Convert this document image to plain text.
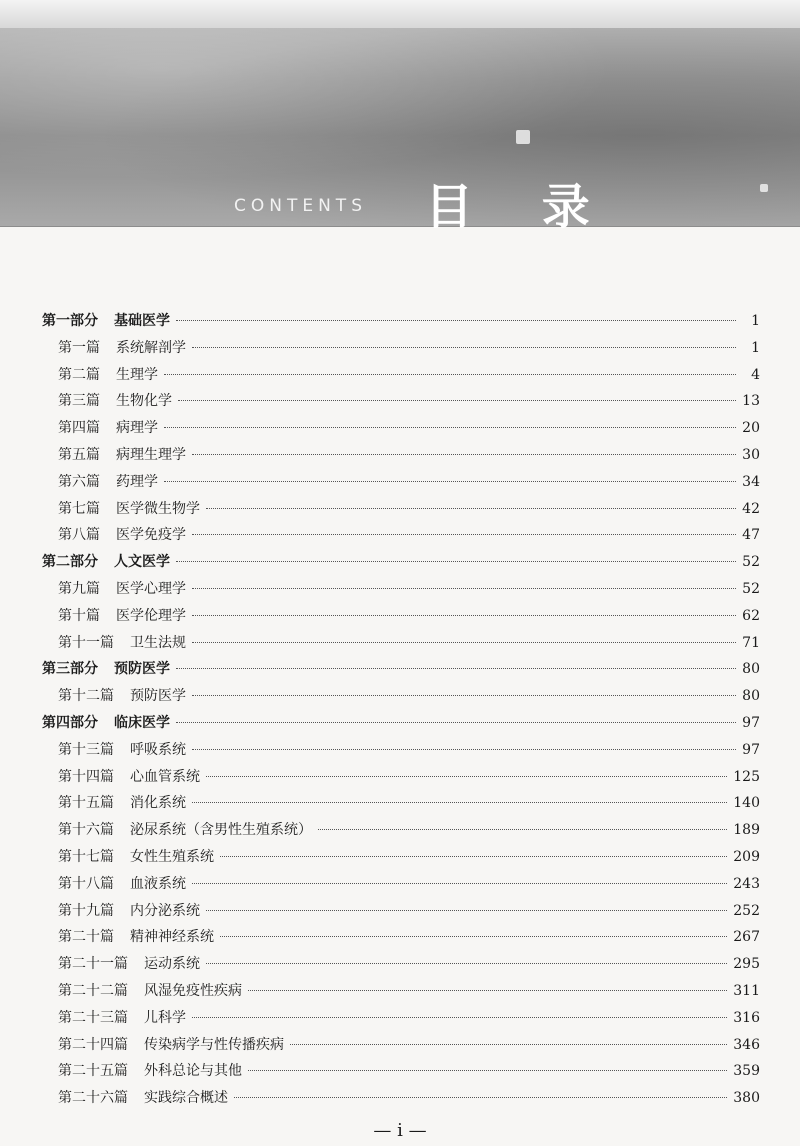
CONTENTS 目 录
第一部分 基础医学	1
第一篇 系统解剖学	1
第二篇 生理学	4
第三篇 生物化学	13
第四篇 病理学	20
第五篇 病理生理学	30
第六篇 药理学	34
第七篇 医学微生物学	42
第八篇 医学免疫学	47
第二部分 人文医学	52
第九篇 医学心理学	52
第十篇 医学伦理学	62
第十一篇 卫生法规	71
第三部分 预防医学	80
第十二篇 预防医学	80
第四部分 临床医学	97
第十三篇 呼吸系统	97
第十四篇 心血管系统	125
第十五篇 消化系统	140
第十六篇 泌尿系统（含男性生殖系统）	189
第十七篇 女性生殖系统	209
第十八篇 血液系统	243
第十九篇 内分泌系统	252
第二十篇 精神神经系统	267
第二十一篇 运动系统	295
第二十二篇 风湿免疫性疾病	311
第二十三篇 儿科学	316
第二十四篇 传染病学与性传播疾病	346
第二十五篇 外科总论与其他	359
第二十六篇 实践综合概述	380
— i —
